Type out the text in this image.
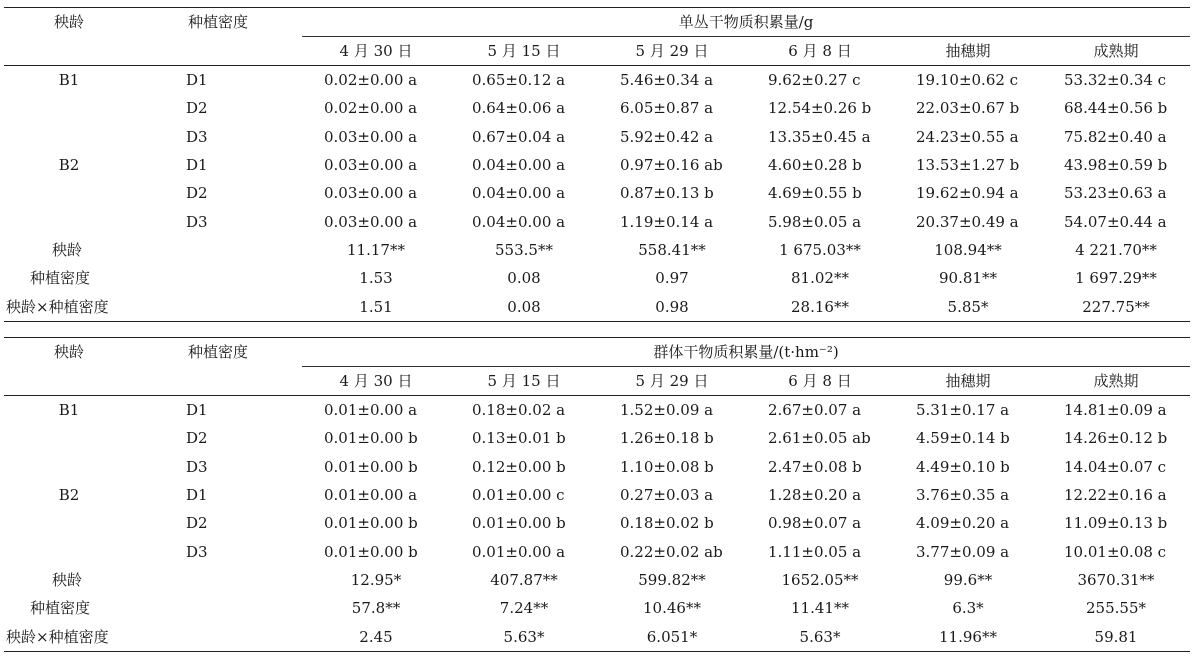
秧龄	种植密度	单丛干物质积累量/g					
		4 月 30 日	5 月 15 日	5 月 29 日	6 月 8 日	抽穗期	成熟期
B1	D1	0.02±0.00 a	0.65±0.12 a	5.46±0.34 a	9.62±0.27 c	19.10±0.62 c	53.32±0.34 c
	D2	0.02±0.00 a	0.64±0.06 a	6.05±0.87 a	12.54±0.26 b	22.03±0.67 b	68.44±0.56 b
	D3	0.03±0.00 a	0.67±0.04 a	5.92±0.42 a	13.35±0.45 a	24.23±0.55 a	75.82±0.40 a
B2	D1	0.03±0.00 a	0.04±0.00 a	0.97±0.16 ab	4.60±0.28 b	13.53±1.27 b	43.98±0.59 b
	D2	0.03±0.00 a	0.04±0.00 a	0.87±0.13 b	4.69±0.55 b	19.62±0.94 a	53.23±0.63 a
	D3	0.03±0.00 a	0.04±0.00 a	1.19±0.14 a	5.98±0.05 a	20.37±0.49 a	54.07±0.44 a
秧龄		11.17**	553.5**	558.41**	1 675.03**	108.94**	4 221.70**
种植密度		1.53	0.08	0.97	81.02**	90.81**	1 697.29**
秧龄×种植密度		1.51	0.08	0.98	28.16**	5.85*	227.75**
秧龄	种植密度	群体干物质积累量/(t·hm⁻²)					
		4 月 30 日	5 月 15 日	5 月 29 日	6 月 8 日	抽穗期	成熟期
B1	D1	0.01±0.00 a	0.18±0.02 a	1.52±0.09 a	2.67±0.07 a	5.31±0.17 a	14.81±0.09 a
	D2	0.01±0.00 b	0.13±0.01 b	1.26±0.18 b	2.61±0.05 ab	4.59±0.14 b	14.26±0.12 b
	D3	0.01±0.00 b	0.12±0.00 b	1.10±0.08 b	2.47±0.08 b	4.49±0.10 b	14.04±0.07 c
B2	D1	0.01±0.00 a	0.01±0.00 c	0.27±0.03 a	1.28±0.20 a	3.76±0.35 a	12.22±0.16 a
	D2	0.01±0.00 b	0.01±0.00 b	0.18±0.02 b	0.98±0.07 a	4.09±0.20 a	11.09±0.13 b
	D3	0.01±0.00 b	0.01±0.00 a	0.22±0.02 ab	1.11±0.05 a	3.77±0.09 a	10.01±0.08 c
秧龄		12.95*	407.87**	599.82**	1652.05**	99.6**	3670.31**
种植密度		57.8**	7.24**	10.46**	11.41**	6.3*	255.55*
秧龄×种植密度		2.45	5.63*	6.051*	5.63*	11.96**	59.81
